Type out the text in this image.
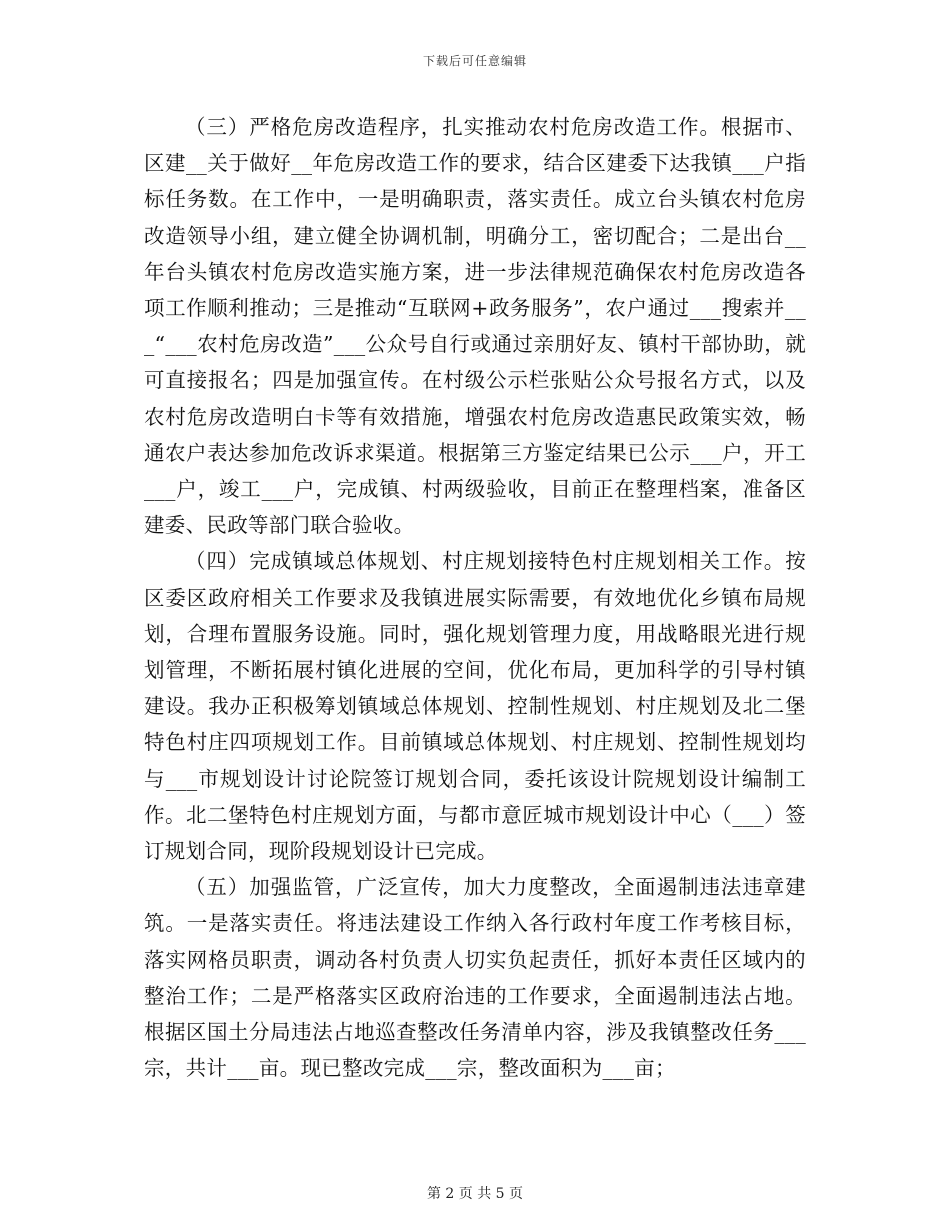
下载后可任意编辑

（三）严格危房改造程序，扎实推动农村危房改造工作。根据市、区建__关于做好__年危房改造工作的要求，结合区建委下达我镇___户指标任务数。在工作中，一是明确职责，落实责任。成立台头镇农村危房改造领导小组，建立健全协调机制，明确分工，密切配合；二是出台__年台头镇农村危房改造实施方案，进一步法律规范确保农村危房改造各项工作顺利推动；三是推动“互联网+政务服务”，农户通过___搜索并___“___农村危房改造”___公众号自行或通过亲朋好友、镇村干部协助，就可直接报名；四是加强宣传。在村级公示栏张贴公众号报名方式，以及农村危房改造明白卡等有效措施，增强农村危房改造惠民政策实效，畅通农户表达参加危改诉求渠道。根据第三方鉴定结果已公示___户，开工___户，竣工___户，完成镇、村两级验收，目前正在整理档案，准备区建委、民政等部门联合验收。

（四）完成镇域总体规划、村庄规划接特色村庄规划相关工作。按区委区政府相关工作要求及我镇进展实际需要，有效地优化乡镇布局规划，合理布置服务设施。同时，强化规划管理力度，用战略眼光进行规划管理，不断拓展村镇化进展的空间，优化布局，更加科学的引导村镇建设。我办正积极筹划镇域总体规划、控制性规划、村庄规划及北二堡特色村庄四项规划工作。目前镇域总体规划、村庄规划、控制性规划均与___市规划设计讨论院签订规划合同，委托该设计院规划设计编制工作。北二堡特色村庄规划方面，与都市意匠城市规划设计中心（___）签订规划合同，现阶段规划设计已完成。

（五）加强监管，广泛宣传，加大力度整改，全面遏制违法违章建筑。一是落实责任。将违法建设工作纳入各行政村年度工作考核目标，落实网格员职责，调动各村负责人切实负起责任，抓好本责任区域内的整治工作；二是严格落实区政府治违的工作要求，全面遏制违法占地。根据区国土分局违法占地巡查整改任务清单内容，涉及我镇整改任务___宗，共计___亩。现已整改完成___宗，整改面积为___亩；

第 2 页 共 5 页
